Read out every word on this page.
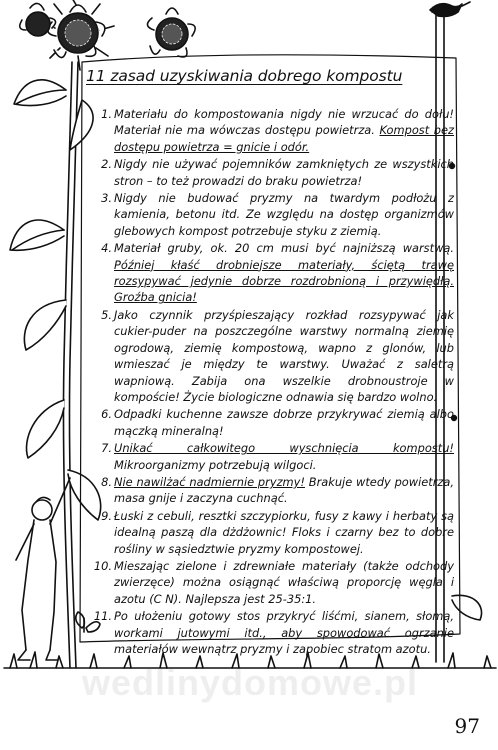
11 zasad uzyskiwania dobrego kompostu
1. Materiału do kompostowania nigdy nie wrzucać do dołu! Materiał nie ma wówczas dostępu powietrza. Kompost bez dostępu powietrza = gnicie i odór.
2. Nigdy nie używać pojemników zamkniętych ze wszystkich stron – to też prowadzi do braku powietrza!
3. Nigdy nie budować pryzmy na twardym podłożu z kamienia, betonu itd. Ze względu na dostęp organizmów glebowych kompost potrzebuje styku z ziemią.
4. Materiał gruby, ok. 20 cm musi być najniższą warstwą. Później kłaść drobniejsze materiały, ściętą trawę rozsypywać jedynie dobrze rozdrobnioną i przywiędłą. Groźba gnicia!
5. Jako czynnik przyśpieszający rozkład rozsypywać jak cukier-puder na poszczególne warstwy normalną ziemię ogrodową, ziemię kompostową, wapno z glonów, lub wmieszać je między te warstwy. Uważać z saletrą wapniową. Zabija ona wszelkie drobnoustroje w kompoście! Życie biologiczne odnawia się bardzo wolno.
6. Odpadki kuchenne zawsze dobrze przykrywać ziemią albo mączką mineralną!
7. Unikać całkowitego wyschnięcia kompostu! Mikroorganizmy potrzebują wilgoci.
8. Nie nawilżać nadmiernie pryzmy! Brakuje wtedy powietrza, masa gnije i zaczyna cuchnąć.
9. Łuski z cebuli, resztki szczypiorku, fusy z kawy i herbaty są idealną paszą dla dżdżownic! Floks i czarny bez to dobre rośliny w sąsiedztwie pryzmy kompostowej.
10. Mieszając zielone i zdrewniałe materiały (także odchody zwierzęce) można osiągnąć właściwą proporcję węgla i azotu (C N). Najlepsza jest 25-35:1.
11. Po ułożeniu gotowy stos przykryć liśćmi, sianem, słomą, workami jutowymi itd., aby spowodować ogrzanie materiałów wewnątrz pryzmy i zapobiec stratom azotu.
wedlinydomowe.pl
97
